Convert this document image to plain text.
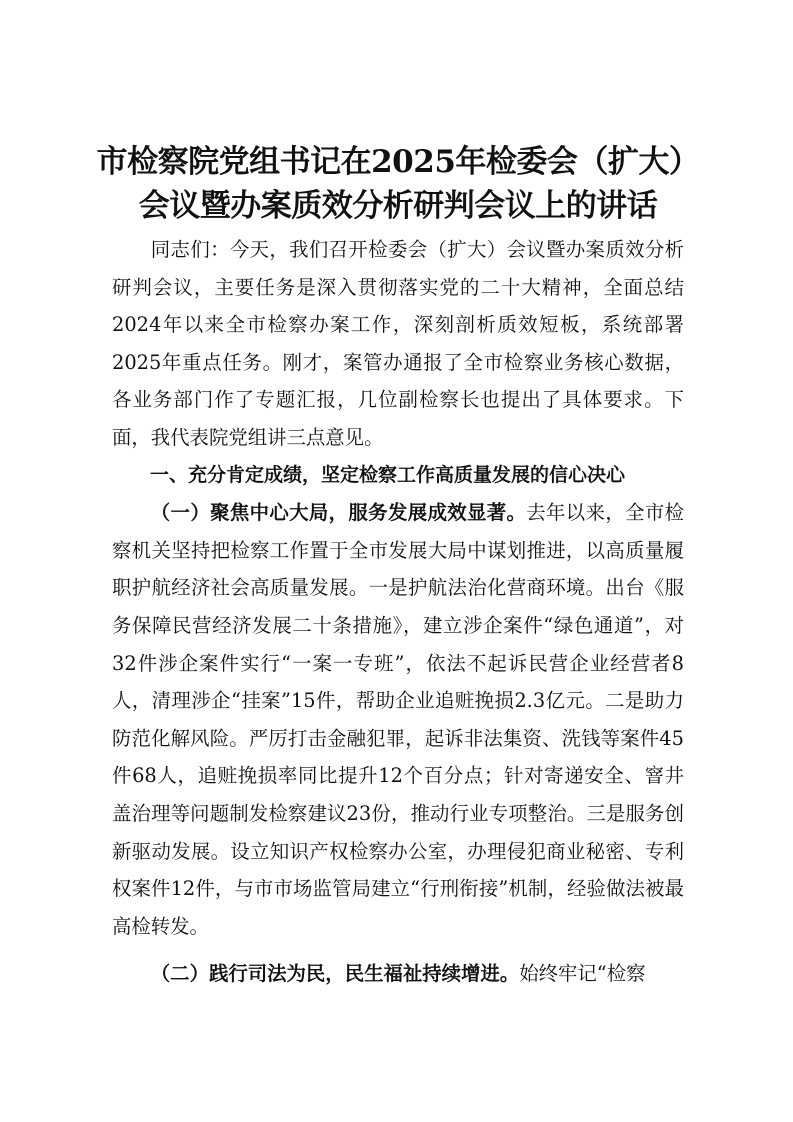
市检察院党组书记在2025年检委会（扩大）会议暨办案质效分析研判会议上的讲话

同志们：今天，我们召开检委会（扩大）会议暨办案质效分析研判会议，主要任务是深入贯彻落实党的二十大精神，全面总结2024年以来全市检察办案工作，深刻剖析质效短板，系统部署2025年重点任务。刚才，案管办通报了全市检察业务核心数据，各业务部门作了专题汇报，几位副检察长也提出了具体要求。下面，我代表院党组讲三点意见。

一、充分肯定成绩，坚定检察工作高质量发展的信心决心

（一）聚焦中心大局，服务发展成效显著。去年以来，全市检察机关坚持把检察工作置于全市发展大局中谋划推进，以高质量履职护航经济社会高质量发展。一是护航法治化营商环境。出台《服务保障民营经济发展二十条措施》，建立涉企案件“绿色通道”，对32件涉企案件实行“一案一专班”，依法不起诉民营企业经营者8人，清理涉企“挂案”15件，帮助企业追赃挽损2.3亿元。二是助力防范化解风险。严厉打击金融犯罪，起诉非法集资、洗钱等案件45件68人，追赃挽损率同比提升12个百分点；针对寄递安全、窨井盖治理等问题制发检察建议23份，推动行业专项整治。三是服务创新驱动发展。设立知识产权检察办公室，办理侵犯商业秘密、专利权案件12件，与市市场监管局建立“行刑衔接”机制，经验做法被最高检转发。

（二）践行司法为民，民生福祉持续增进。始终牢记“检察
